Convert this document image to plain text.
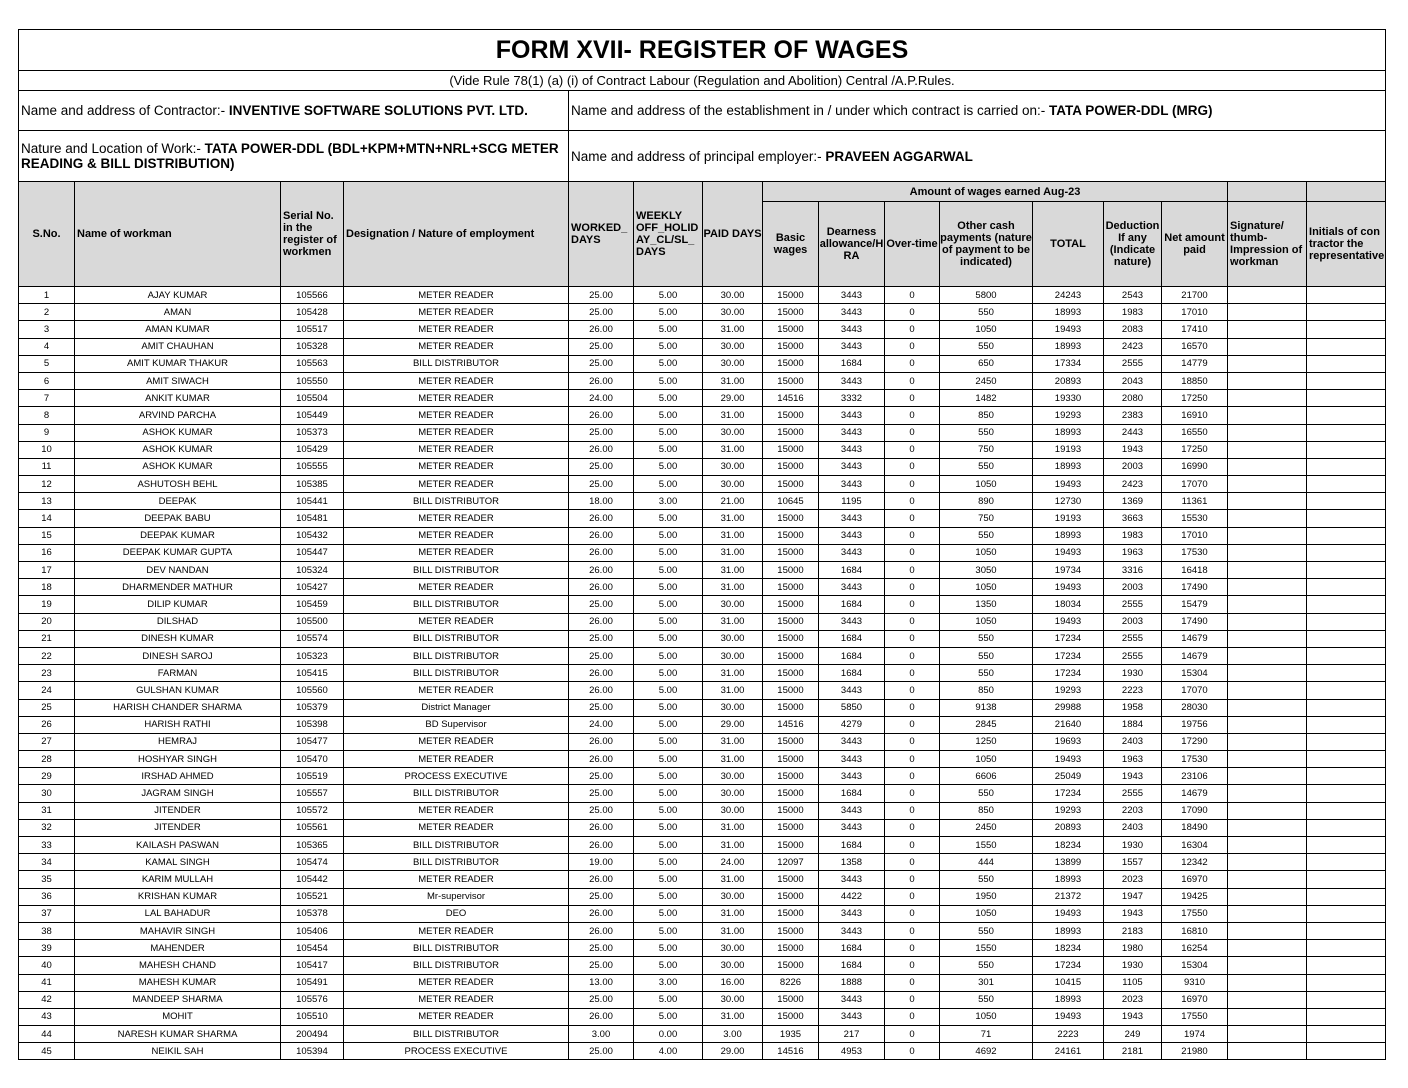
FORM XVII- REGISTER OF WAGES	
(Vide Rule 78(1) (a) (i) of Contract Labour (Regulation and Abolition) Central /A.P.Rules.	
Name and address of Contractor:- INVENTIVE SOFTWARE SOLUTIONS PVT. LTD.	Name and address of the establishment in / under which contract is carried on:- TATA POWER-DDL (MRG)
Nature and Location of Work:- TATA POWER-DDL (BDL+KPM+MTN+NRL+SCG METER READING & BILL DISTRIBUTION)	Name and address of principal employer:- PRAVEEN AGGARWAL
S.No.	Name of workman	Serial No. in the register of workmen	Designation / Nature of employment	WORKED_ DAYS	WEEKLY OFF_HOLID AY_CL/SL_ DAYS	PAID DAYS	Amount of wages earned Aug-23								
							Basic wages	Dearness allowance/H RA	Over-time	Other cash payments (nature of payment to be indicated)	TOTAL	Deduction If any (Indicate nature)	Net amount paid	Signature/ thumb-Impression of workman	Initials of con tractor the representative
1	AJAY KUMAR	105566	METER READER	25.00	5.00	30.00	15000	3443	0	5800	24243	2543	21700		
2	AMAN	105428	METER READER	25.00	5.00	30.00	15000	3443	0	550	18993	1983	17010		
3	AMAN KUMAR	105517	METER READER	26.00	5.00	31.00	15000	3443	0	1050	19493	2083	17410		
4	AMIT CHAUHAN	105328	METER READER	25.00	5.00	30.00	15000	3443	0	550	18993	2423	16570		
5	AMIT KUMAR THAKUR	105563	BILL DISTRIBUTOR	25.00	5.00	30.00	15000	1684	0	650	17334	2555	14779		
6	AMIT SIWACH	105550	METER READER	26.00	5.00	31.00	15000	3443	0	2450	20893	2043	18850		
7	ANKIT KUMAR	105504	METER READER	24.00	5.00	29.00	14516	3332	0	1482	19330	2080	17250		
8	ARVIND PARCHA	105449	METER READER	26.00	5.00	31.00	15000	3443	0	850	19293	2383	16910		
9	ASHOK KUMAR	105373	METER READER	25.00	5.00	30.00	15000	3443	0	550	18993	2443	16550		
10	ASHOK KUMAR	105429	METER READER	26.00	5.00	31.00	15000	3443	0	750	19193	1943	17250		
11	ASHOK KUMAR	105555	METER READER	25.00	5.00	30.00	15000	3443	0	550	18993	2003	16990		
12	ASHUTOSH BEHL	105385	METER READER	25.00	5.00	30.00	15000	3443	0	1050	19493	2423	17070		
13	DEEPAK	105441	BILL DISTRIBUTOR	18.00	3.00	21.00	10645	1195	0	890	12730	1369	11361		
14	DEEPAK BABU	105481	METER READER	26.00	5.00	31.00	15000	3443	0	750	19193	3663	15530		
15	DEEPAK KUMAR	105432	METER READER	26.00	5.00	31.00	15000	3443	0	550	18993	1983	17010		
16	DEEPAK KUMAR GUPTA	105447	METER READER	26.00	5.00	31.00	15000	3443	0	1050	19493	1963	17530		
17	DEV NANDAN	105324	BILL DISTRIBUTOR	26.00	5.00	31.00	15000	1684	0	3050	19734	3316	16418		
18	DHARMENDER MATHUR	105427	METER READER	26.00	5.00	31.00	15000	3443	0	1050	19493	2003	17490		
19	DILIP KUMAR	105459	BILL DISTRIBUTOR	25.00	5.00	30.00	15000	1684	0	1350	18034	2555	15479		
20	DILSHAD	105500	METER READER	26.00	5.00	31.00	15000	3443	0	1050	19493	2003	17490		
21	DINESH KUMAR	105574	BILL DISTRIBUTOR	25.00	5.00	30.00	15000	1684	0	550	17234	2555	14679		
22	DINESH SAROJ	105323	BILL DISTRIBUTOR	25.00	5.00	30.00	15000	1684	0	550	17234	2555	14679		
23	FARMAN	105415	BILL DISTRIBUTOR	26.00	5.00	31.00	15000	1684	0	550	17234	1930	15304		
24	GULSHAN KUMAR	105560	METER READER	26.00	5.00	31.00	15000	3443	0	850	19293	2223	17070		
25	HARISH CHANDER SHARMA	105379	District Manager	25.00	5.00	30.00	15000	5850	0	9138	29988	1958	28030		
26	HARISH RATHI	105398	BD Supervisor	24.00	5.00	29.00	14516	4279	0	2845	21640	1884	19756		
27	HEMRAJ	105477	METER READER	26.00	5.00	31.00	15000	3443	0	1250	19693	2403	17290		
28	HOSHYAR SINGH	105470	METER READER	26.00	5.00	31.00	15000	3443	0	1050	19493	1963	17530		
29	IRSHAD AHMED	105519	PROCESS EXECUTIVE	25.00	5.00	30.00	15000	3443	0	6606	25049	1943	23106		
30	JAGRAM SINGH	105557	BILL DISTRIBUTOR	25.00	5.00	30.00	15000	1684	0	550	17234	2555	14679		
31	JITENDER	105572	METER READER	25.00	5.00	30.00	15000	3443	0	850	19293	2203	17090		
32	JITENDER	105561	METER READER	26.00	5.00	31.00	15000	3443	0	2450	20893	2403	18490		
33	KAILASH PASWAN	105365	BILL DISTRIBUTOR	26.00	5.00	31.00	15000	1684	0	1550	18234	1930	16304		
34	KAMAL SINGH	105474	BILL DISTRIBUTOR	19.00	5.00	24.00	12097	1358	0	444	13899	1557	12342		
35	KARIM MULLAH	105442	METER READER	26.00	5.00	31.00	15000	3443	0	550	18993	2023	16970		
36	KRISHAN KUMAR	105521	Mr-supervisor	25.00	5.00	30.00	15000	4422	0	1950	21372	1947	19425		
37	LAL BAHADUR	105378	DEO	26.00	5.00	31.00	15000	3443	0	1050	19493	1943	17550		
38	MAHAVIR SINGH	105406	METER READER	26.00	5.00	31.00	15000	3443	0	550	18993	2183	16810		
39	MAHENDER	105454	BILL DISTRIBUTOR	25.00	5.00	30.00	15000	1684	0	1550	18234	1980	16254		
40	MAHESH CHAND	105417	BILL DISTRIBUTOR	25.00	5.00	30.00	15000	1684	0	550	17234	1930	15304		
41	MAHESH KUMAR	105491	METER READER	13.00	3.00	16.00	8226	1888	0	301	10415	1105	9310		
42	MANDEEP SHARMA	105576	METER READER	25.00	5.00	30.00	15000	3443	0	550	18993	2023	16970		
43	MOHIT	105510	METER READER	26.00	5.00	31.00	15000	3443	0	1050	19493	1943	17550		
44	NARESH KUMAR SHARMA	200494	BILL DISTRIBUTOR	3.00	0.00	3.00	1935	217	0	71	2223	249	1974		
45	NEIKIL SAH	105394	PROCESS EXECUTIVE	25.00	4.00	29.00	14516	4953	0	4692	24161	2181	21980		
